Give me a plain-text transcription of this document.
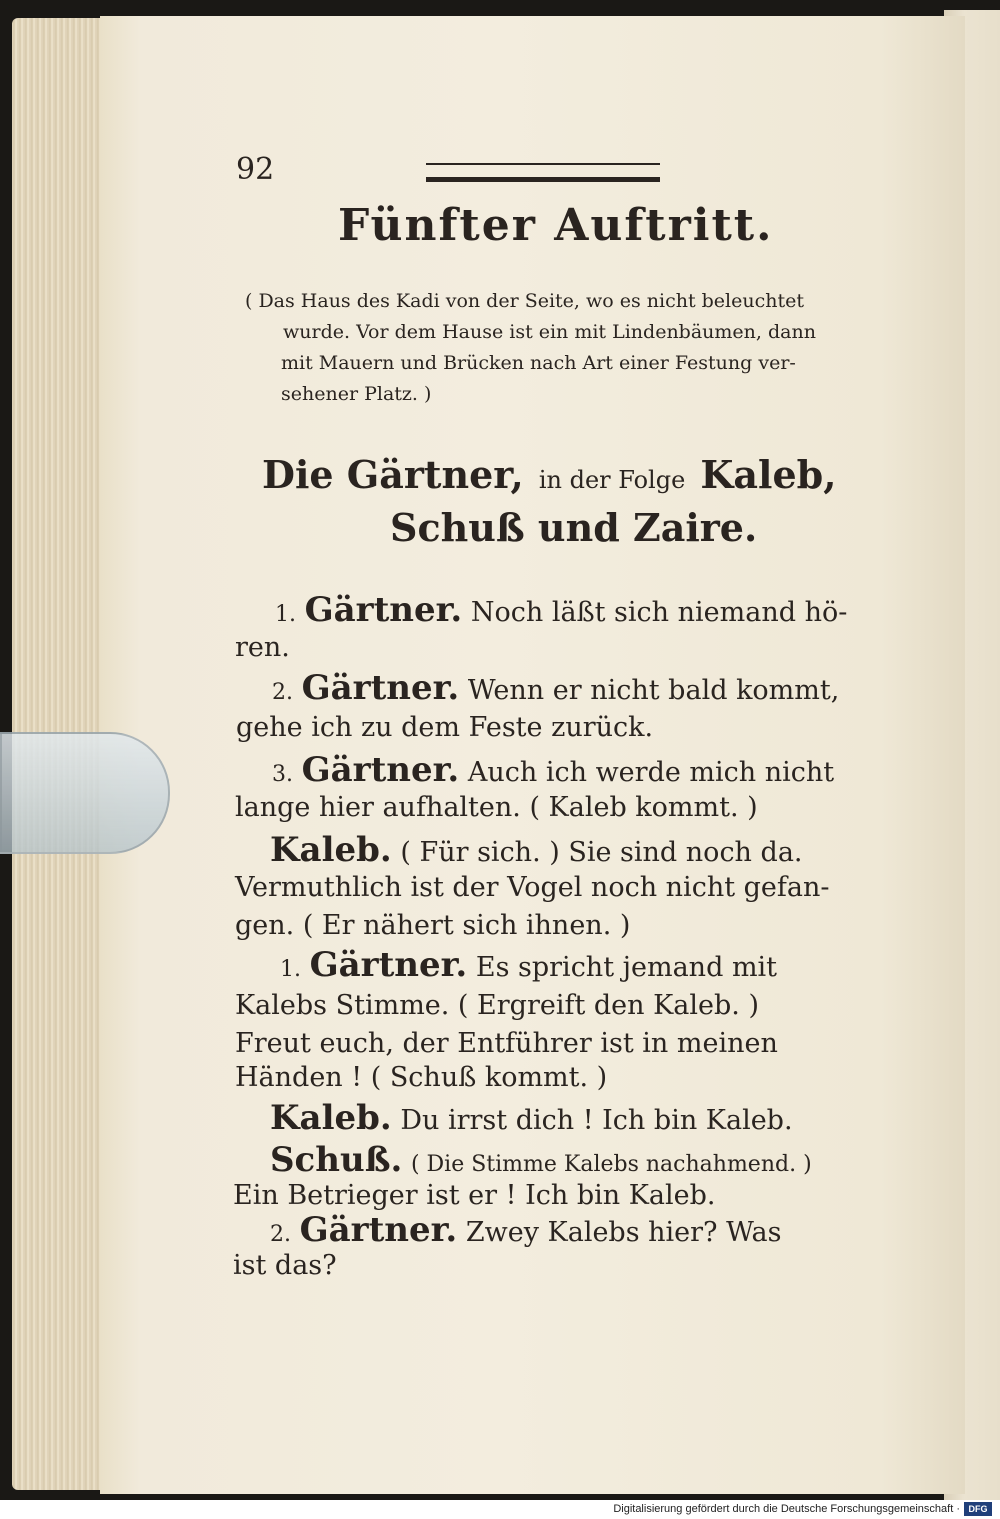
92
Fünfter Auftritt.
( Das Haus des Kadi von der Seite, wo es nicht beleuchtet
wurde. Vor dem Hause ist ein mit Lindenbäumen, dann
mit Mauern und Brücken nach Art einer Festung ver-
sehener Platz. )
Die Gärtner, in der Folge Kaleb,
Schuß und Zaire.
1. Gärtner. Noch läßt sich niemand hö-
ren.
2. Gärtner. Wenn er nicht bald kommt,
gehe ich zu dem Feste zurück.
3. Gärtner. Auch ich werde mich nicht
lange hier aufhalten. ( Kaleb kommt. )
Kaleb. ( Für sich. ) Sie sind noch da.
Vermuthlich ist der Vogel noch nicht gefan-
gen. ( Er nähert sich ihnen. )
1. Gärtner. Es spricht jemand mit
Kalebs Stimme. ( Ergreift den Kaleb. )
Freut euch, der Entführer ist in meinen
Händen ! ( Schuß kommt. )
Kaleb. Du irrst dich ! Ich bin Kaleb.
Schuß. ( Die Stimme Kalebs nachahmend. )
Ein Betrieger ist er ! Ich bin Kaleb.
2. Gärtner. Zwey Kalebs hier? Was
ist das?
Digitalisierung gefördert durch die Deutsche Forschungsgemeinschaft · DFG
